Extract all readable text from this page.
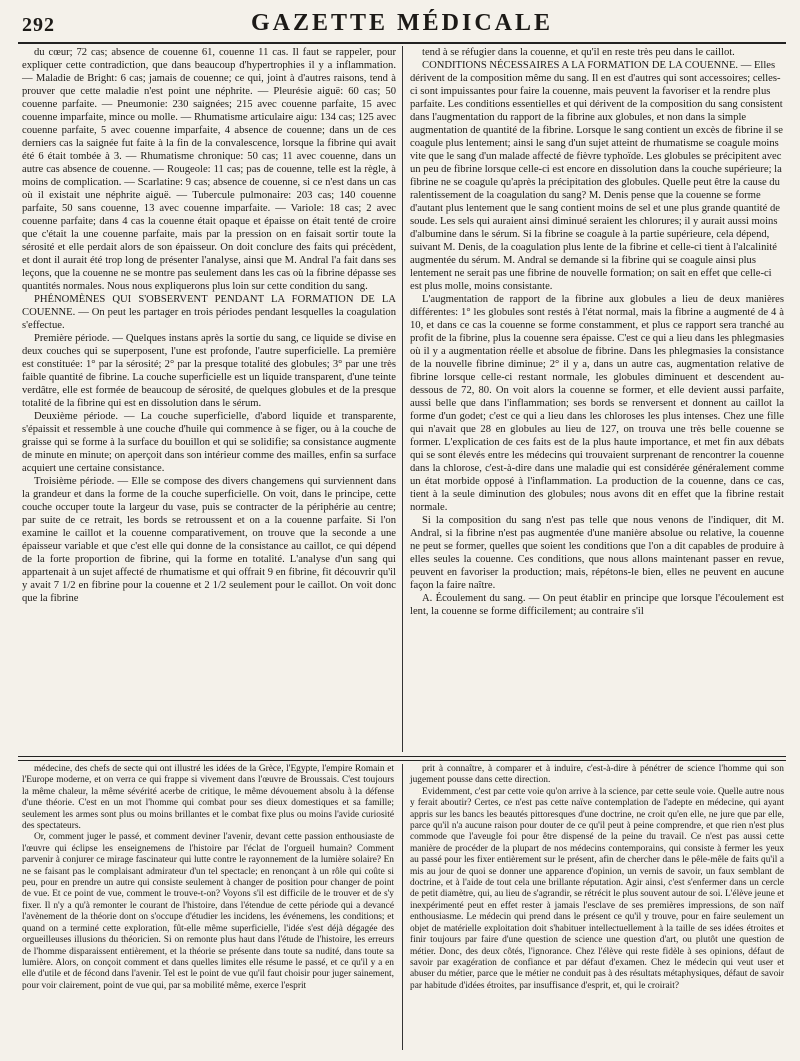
292	GAZETTE MÉDICALE

du cœur; 72 cas; absence de couenne 61, couenne 11 cas. Il faut se rappeler, pour expliquer cette contradiction, que dans beaucoup d'hypertrophies il y a inflammation. — Maladie de Bright: 6 cas; jamais de couenne; ce qui, joint à d'autres raisons, tend à prouver que cette maladie n'est point une néphrite. — Pleurésie aiguë: 60 cas; 50 couenne parfaite. — Pneumonie: 230 saignées; 215 avec couenne parfaite, 15 avec couenne imparfaite, mince ou molle. — Rhumatisme articulaire aigu: 134 cas; 125 avec couenne parfaite, 5 avec couenne imparfaite, 4 absence de couenne; dans un de ces derniers cas la saignée fut faite à la fin de la convalescence, lorsque la fibrine qui avait été 6 était tombée à 3. — Rhumatisme chronique: 50 cas; 11 avec couenne, dans un autre cas absence de couenne. — Rougeole: 11 cas; pas de couenne, telle est la règle, à moins de complication. — Scarlatine: 9 cas; absence de couenne, si ce n'est dans un cas où il existait une néphrite aiguë. — Tubercule pulmonaire: 203 cas; 140 couenne parfaite, 50 sans couenne, 13 avec couenne imparfaite. — Variole: 18 cas; 2 avec couenne parfaite; dans 4 cas la couenne était opaque et épaisse on était tenté de croire que c'était la une couenne parfaite, mais par la pression on en faisait sortir toute la sérosité et elle perdait alors de son épaisseur. On doit conclure des faits qui précèdent, et dont il aurait été trop long de présenter l'analyse, ainsi que M. Andral l'a fait dans ses leçons, que la couenne ne se montre pas seulement dans les cas où la fibrine dépasse ses quantités normales. Nous nous expliquerons plus loin sur cette condition du sang.

PHÉNOMÈNES QUI S'OBSERVENT PENDANT LA FORMATION DE LA COUENNE. — On peut les partager en trois périodes pendant lesquelles la coagulation s'effectue.

Première période. — Quelques instans après la sortie du sang, ce liquide se divise en deux couches qui se superposent, l'une est profonde, l'autre superficielle. La première est constituée: 1° par la sérosité; 2° par la presque totalité des globules; 3° par une très faible quantité de fibrine. La couche superficielle est un liquide transparent, d'une teinte verdâtre, elle est formée de beaucoup de sérosité, de quelques globules et de la presque totalité de la fibrine qui est en dissolution dans le sérum.

Deuxième période. — La couche superficielle, d'abord liquide et transparente, s'épaissit et ressemble à une couche d'huile qui commence à se figer, ou à la couche de graisse qui se forme à la surface du bouillon et qui se solidifie; sa consistance augmente de minute en minute; on aperçoit dans son intérieur comme des mailles, enfin sa surface acquiert une certaine consistance.

Troisième période. — Elle se compose des divers changemens qui surviennent dans la grandeur et dans la forme de la couche superficielle. On voit, dans le principe, cette couche occuper toute la largeur du vase, puis se contracter de la périphérie au centre; par suite de ce retrait, les bords se retroussent et on a la couenne parfaite. Si l'on examine le caillot et la couenne comparativement, on trouve que la seconde a une épaisseur variable et que c'est elle qui donne de la consistance au caillot, ce qui dépend de la forte proportion de fibrine, qui la forme en totalité. L'analyse d'un sang qui appartenait à un sujet affecté de rhumatisme et qui offrait 9 en fibrine, fit découvrir qu'il y avait 7 1/2 en fibrine pour la couenne et 2 1/2 seulement pour le caillot. On voit donc que la fibrine

tend à se réfugier dans la couenne, et qu'il en reste très peu dans le caillot.

CONDITIONS NÉCESSAIRES A LA FORMATION DE LA COUENNE. — Elles dérivent de la composition même du sang. Il en est d'autres qui sont accessoires; celles-ci sont impuissantes pour faire la couenne, mais peuvent la favoriser et la rendre plus parfaite. Les conditions essentielles et qui dérivent de la composition du sang consistent dans l'augmentation du rapport de la fibrine aux globules, et non dans la simple augmentation de quantité de la fibrine. Lorsque le sang contient un excès de fibrine il se coagule plus lentement; ainsi le sang d'un sujet atteint de rhumatisme se coagule moins vite que le sang d'un malade affecté de fièvre typhoïde. Les globules se précipitent avec un peu de fibrine lorsque celle-ci est encore en dissolution dans la couche supérieure; la fibrine ne se coagule qu'après la précipitation des globules. Quelle peut être la cause du ralentissement de la coagulation du sang? M. Denis pense que la couenne se forme d'autant plus lentement que le sang contient moins de sel et une plus grande quantité de soude. Les sels qui auraient ainsi diminué seraient les chlorures; il y aurait aussi moins d'albumine dans le sérum. Si la fibrine se coagule à la partie supérieure, cela dépend, suivant M. Denis, de la coagulation plus lente de la fibrine et celle-ci tient à l'alcalinité augmentée du sérum. M. Andral se demande si la fibrine qui se coagule ainsi plus lentement ne serait pas une fibrine de nouvelle formation; on sait en effet que celle-ci est plus molle, moins consistante.

L'augmentation de rapport de la fibrine aux globules a lieu de deux manières différentes: 1° les globules sont restés à l'état normal, mais la fibrine a augmenté de 4 à 10, et dans ce cas la couenne se forme constamment, et plus ce rapport sera tranché au profit de la fibrine, plus la couenne sera épaisse. C'est ce qui a lieu dans les phlegmasies où il y a augmentation réelle et absolue de fibrine. Dans les phlegmasies la consistance de la nouvelle fibrine diminue; 2° il y a, dans un autre cas, augmentation relative de fibrine lorsque celle-ci restant normale, les globules diminuent et descendent au-dessous de 72, 80. On voit alors la couenne se former, et elle devient aussi parfaite, aussi belle que dans l'inflammation; ses bords se renversent et donnent au caillot la forme d'un godet; c'est ce qui a lieu dans les chloroses les plus intenses. Chez une fille qui n'avait que 28 en globules au lieu de 127, on trouva une très belle couenne se former. L'explication de ces faits est de la plus haute importance, et met fin aux débats qui se sont élevés entre les médecins qui trouvaient surprenant de rencontrer la couenne dans la chlorose, c'est-à-dire dans une maladie qui est considérée généralement comme un état morbide opposé à l'inflammation. La production de la couenne, dans ce cas, tient à la seule diminution des globules; nous avons dit en effet que la fibrine restait normale.

Si la composition du sang n'est pas telle que nous venons de l'indiquer, dit M. Andral, si la fibrine n'est pas augmentée d'une manière absolue ou relative, la couenne ne peut se former, quelles que soient les conditions que l'on a dit capables de produire à elles seules la couenne. Ces conditions, que nous allons maintenant passer en revue, peuvent en favoriser la production; mais, répétons-le bien, elles ne peuvent en aucune façon la faire naître.

A. Écoulement du sang. — On peut établir en principe que lorsque l'écoulement est lent, la couenne se forme difficilement; au contraire s'il

médecine, des chefs de secte qui ont illustré les idées de la Grèce, l'Egypte, l'empire Romain et l'Europe moderne, et on verra ce qui frappe si vivement dans l'œuvre de Broussais. C'est toujours la même chaleur, la même sévérité acerbe de critique, le même dévouement absolu à la défense d'une théorie. C'est en un mot l'homme qui combat pour ses dieux domestiques et sa famille; seulement les armes sont plus ou moins brillantes et le combat fixe plus ou moins l'avide curiosité des spectateurs.

Or, comment juger le passé, et comment deviner l'avenir, devant cette passion enthousiaste de l'œuvre qui éclipse les enseignemens de l'histoire par l'éclat de l'orgueil humain? Comment parvenir à conjurer ce mirage fascinateur qui lutte contre le rayonnement de la lumière solaire? En ne se faisant pas le complaisant admirateur d'un tel spectacle; en renonçant à un rôle qui coûte si peu, pour en prendre un autre qui consiste seulement à changer de position pour changer de point de vue. Et ce point de vue, comment le trouve-t-on? Voyons s'il est difficile de le trouver et de s'y fixer. Il n'y a qu'à remonter le courant de l'histoire, dans l'étendue de cette période qui a devancé l'avènement de la théorie dont on s'occupe d'étudier les incidens, les événemens, les conditions; et quand on a terminé cette exploration, fût-elle même superficielle, l'idée s'est déjà dégagée des orgueilleuses illusions du théoricien. Si on remonte plus haut dans l'étude de l'histoire, les erreurs de l'homme disparaissent entièrement, et la théorie se présente dans toute sa nudité, dans toute sa lumière. Alors, on conçoit comment et dans quelles limites elle résume le passé, et ce qu'il y a en elle d'utile et de fécond dans l'avenir. Tel est le point de vue qu'il faut choisir pour juger sainement, pour voir clairement, point de vue qui, par sa mobilité même, exerce l'esprit

prit à connaître, à comparer et à induire, c'est-à-dire à pénétrer de science l'homme qui son jugement pousse dans cette direction.

Evidemment, c'est par cette voie qu'on arrive à la science, par cette seule voie. Quelle autre nous y ferait aboutir? Certes, ce n'est pas cette naïve contemplation de l'adepte en médecine, qui ayant appris sur les bancs les beautés pittoresques d'une doctrine, ne croit qu'en elle, ne jure que par elle, parce qu'il n'a aucune raison pour douter de ce qu'il peut à peine comprendre, et que rien n'est plus commode que l'aveugle foi pour être dispensé de la peine du travail. Ce n'est pas aussi cette manière de procéder de la plupart de nos médecins contemporains, qui consiste à fermer les yeux au passé pour les fixer entièrement sur le présent, afin de chercher dans le pêle-mêle de faits qu'il a mis au jour de quoi se donner une apparence d'opinion, un vernis de savoir, un faux semblant de doctrine, et à l'aide de tout cela une brillante réputation. Agir ainsi, c'est s'enfermer dans un cercle de petit diamètre, qui, au lieu de s'agrandir, se rétrécit le plus souvent autour de soi. L'élève jeune et inexpérimenté peut en effet rester à jamais l'esclave de ses premières impressions, de son naïf enthousiasme. Le médecin qui prend dans le présent ce qu'il y trouve, pour en faire seulement un objet de matérielle exploitation doit s'habituer intellectuellement à la taille de ses idées étroites et finir toujours par faire d'une question de science une question d'art, ou plutôt une question de métier. Donc, des deux côtés, l'ignorance. Chez l'élève qui reste fidèle à ses opinions, défaut de savoir par exagération de confiance et par défaut d'examen. Chez le médecin qui veut user et abuser du métier, parce que le métier ne conduit pas à des résultats métaphysiques, défaut de savoir par habitude d'idées étroites, par insuffisance d'esprit, et, qui le croirait?
